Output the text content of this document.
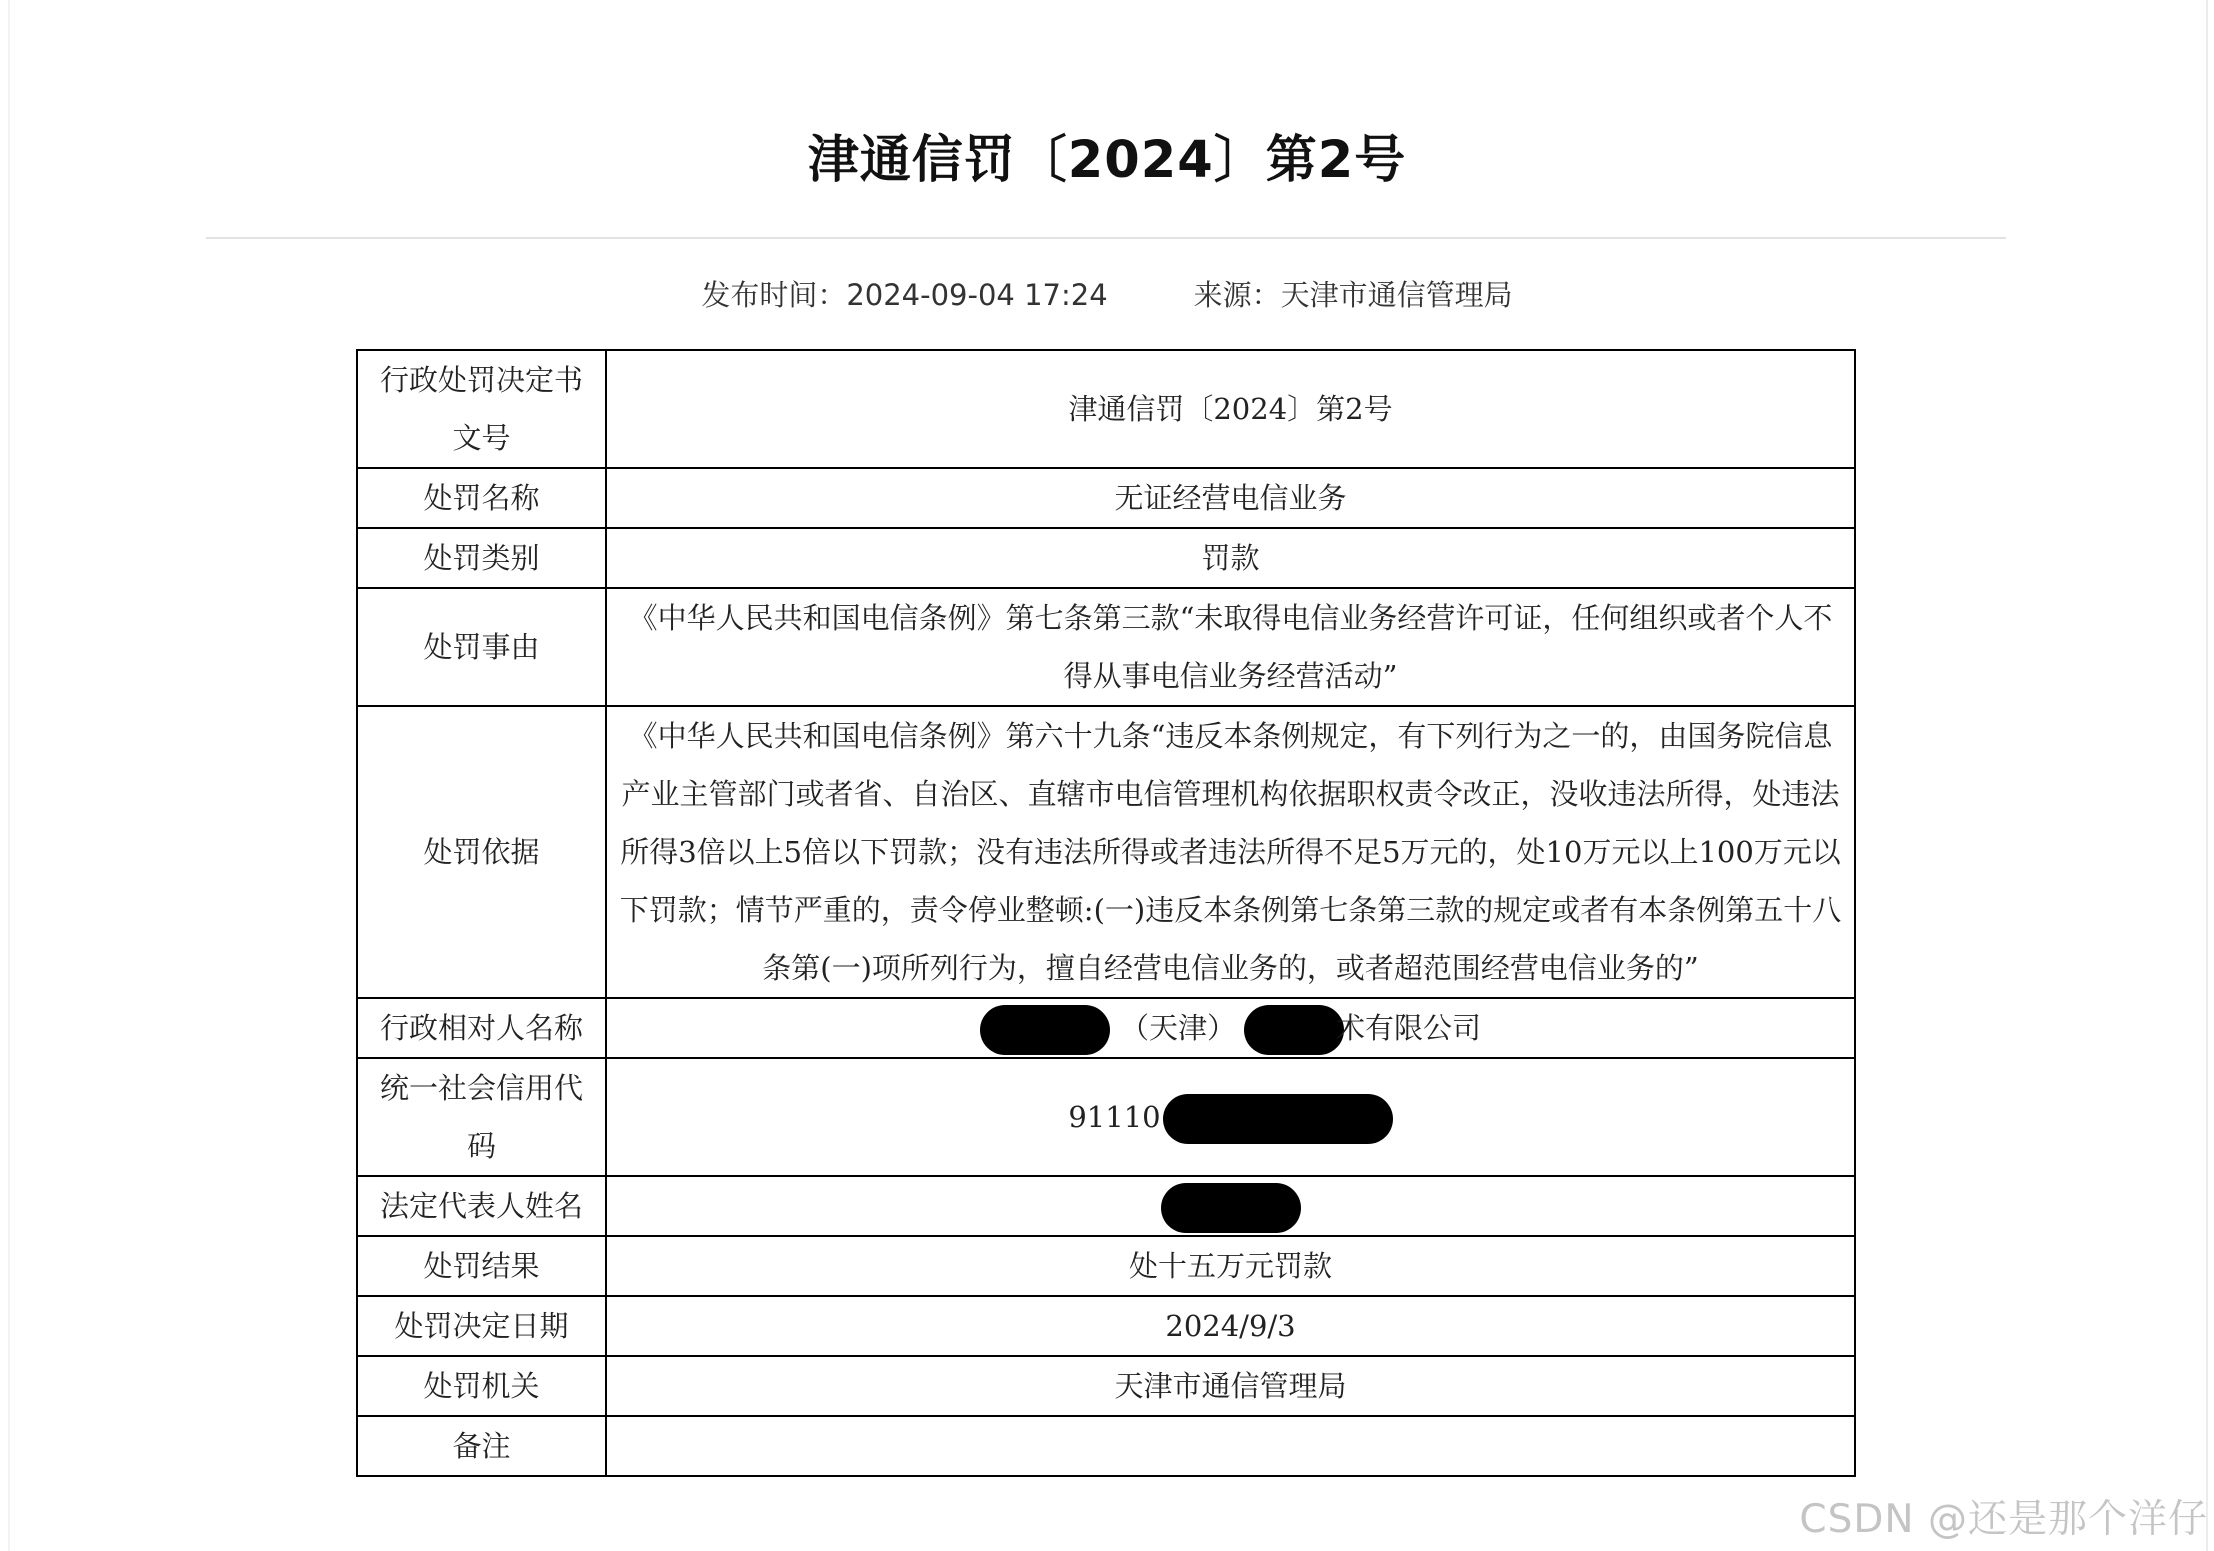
津通信罚〔2024〕第2号
发布时间：2024-09-04 17:24	来源：天津市通信管理局
行政处罚决定书文号	津通信罚〔2024〕第2号
处罚名称	无证经营电信业务
处罚类别	罚款
处罚事由	《中华人民共和国电信条例》第七条第三款“未取得电信业务经营许可证，任何组织或者个人不得从事电信业务经营活动”
处罚依据	《中华人民共和国电信条例》第六十九条“违反本条例规定，有下列行为之一的，由国务院信息产业主管部门或者省、自治区、直辖市电信管理机构依据职权责令改正，没收违法所得，处违法所得3倍以上5倍以下罚款；没有违法所得或者违法所得不足5万元的，处10万元以上100万元以下罚款；情节严重的，责令停业整顿:(一)违反本条例第七条第三款的规定或者有本条例第五十八条第(一)项所列行为，擅自经营电信业务的，或者超范围经营电信业务的”
行政相对人名称	（天津） 术有限公司
统一社会信用代码	91110
法定代表人姓名	
处罚结果	处十五万元罚款
处罚决定日期	2024/9/3
处罚机关	天津市通信管理局
备注	
CSDN @还是那个洋仔
